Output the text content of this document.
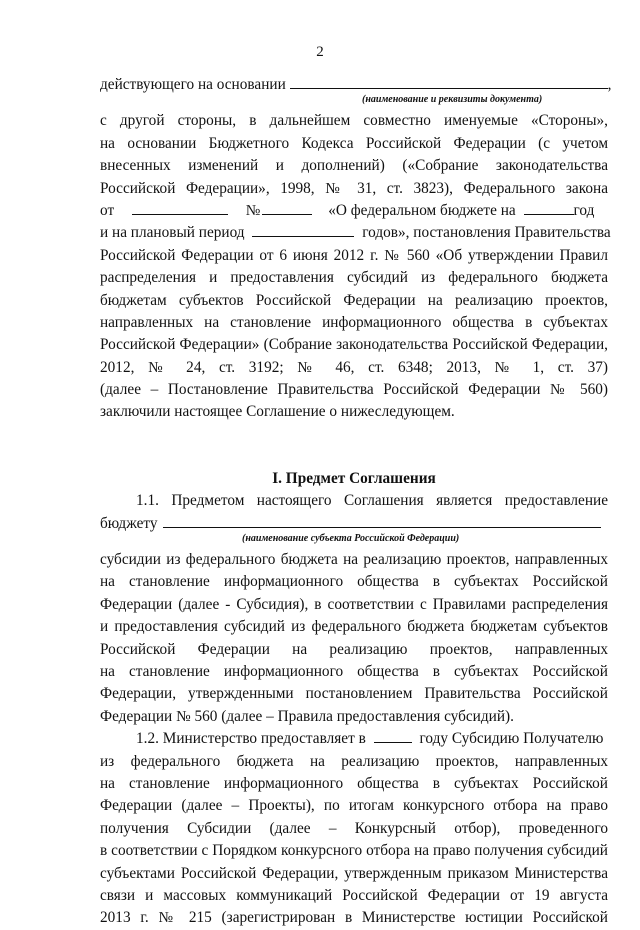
2
действующего на основании	,
(наименование и реквизиты документа)
с другой стороны, в дальнейшем совместно именуемые «Стороны»,
на основании Бюджетного Кодекса Российской Федерации (с учетом
внесенных изменений и дополнений) («Собрание законодательства
Российской Федерации», 1998, № 31, ст. 3823), Федерального закона
от	№	«О федеральном бюджете на	год
и на плановый период	годов», постановления Правительства
Российской Федерации от 6 июня 2012 г. № 560 «Об утверждении Правил
распределения и предоставления субсидий из федерального бюджета
бюджетам субъектов Российской Федерации на реализацию проектов,
направленных на становление информационного общества в субъектах
Российской Федерации» (Собрание законодательства Российской Федерации,
2012, № 24, ст. 3192; № 46, ст. 6348; 2013, № 1, ст. 37)
(далее – Постановление Правительства Российской Федерации № 560)
заключили настоящее Соглашение о нижеследующем.
I. Предмет Соглашения
1.1. Предметом настоящего Соглашения является предоставление
бюджету
(наименование субъекта Российской Федерации)
субсидии из федерального бюджета на реализацию проектов, направленных
на становление информационного общества в субъектах Российской
Федерации (далее - Субсидия), в соответствии с Правилами распределения
и предоставления субсидий из федерального бюджета бюджетам субъектов
Российской Федерации на реализацию проектов, направленных
на становление информационного общества в субъектах Российской
Федерации, утвержденными постановлением Правительства Российской
Федерации № 560 (далее – Правила предоставления субсидий).
1.2. Министерство предоставляет в	году Субсидию Получателю
из федерального бюджета на реализацию проектов, направленных
на становление информационного общества в субъектах Российской
Федерации (далее – Проекты), по итогам конкурсного отбора на право
получения Субсидии (далее – Конкурсный отбор), проведенного
в соответствии с Порядком конкурсного отбора на право получения субсидий
субъектами Российской Федерации, утвержденным приказом Министерства
связи и массовых коммуникаций Российской Федерации от 19 августа
2013 г. № 215 (зарегистрирован в Министерстве юстиции Российской
